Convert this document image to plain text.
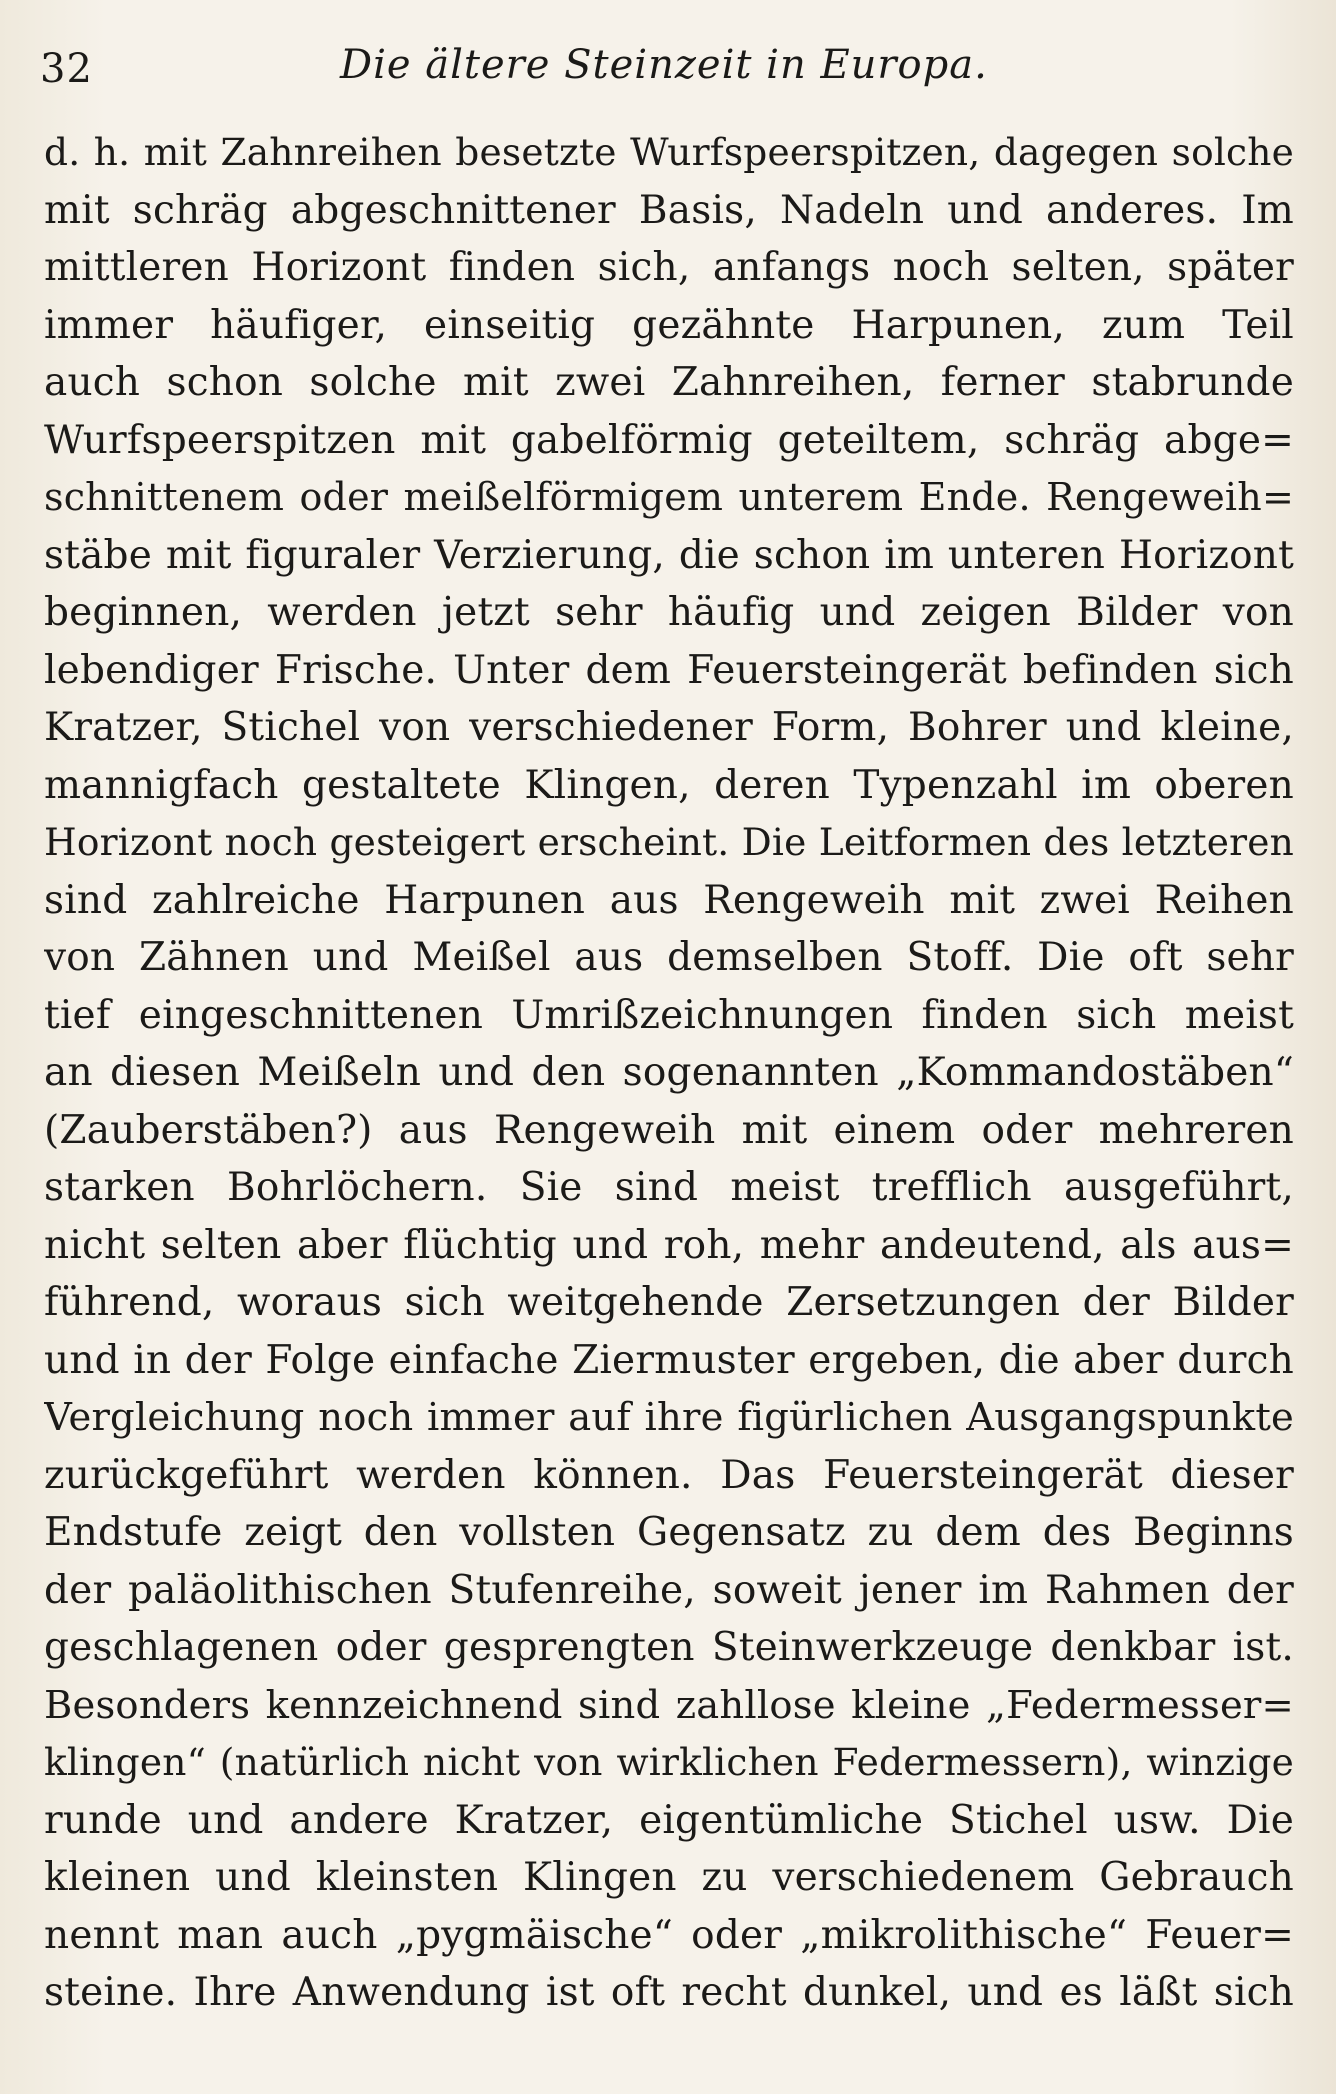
32	Die ältere Steinzeit in Europa.
d. h. mit Zahnreihen besetzte Wurfspeerspitzen, dagegen solche
mit schräg abgeschnittener Basis, Nadeln und anderes. Im
mittleren Horizont finden sich, anfangs noch selten, später
immer häufiger, einseitig gezähnte Harpunen, zum Teil
auch schon solche mit zwei Zahnreihen, ferner stabrunde
Wurfspeerspitzen mit gabelförmig geteiltem, schräg abge=
schnittenem oder meißelförmigem unterem Ende. Rengeweih=
stäbe mit figuraler Verzierung, die schon im unteren Horizont
beginnen, werden jetzt sehr häufig und zeigen Bilder von
lebendiger Frische. Unter dem Feuersteingerät befinden sich
Kratzer, Stichel von verschiedener Form, Bohrer und kleine,
mannigfach gestaltete Klingen, deren Typenzahl im oberen
Horizont noch gesteigert erscheint. Die Leitformen des letzteren
sind zahlreiche Harpunen aus Rengeweih mit zwei Reihen
von Zähnen und Meißel aus demselben Stoff. Die oft sehr
tief eingeschnittenen Umrißzeichnungen finden sich meist
an diesen Meißeln und den sogenannten „Kommandostäben“
(Zauberstäben?) aus Rengeweih mit einem oder mehreren
starken Bohrlöchern. Sie sind meist trefflich ausgeführt,
nicht selten aber flüchtig und roh, mehr andeutend, als aus=
führend, woraus sich weitgehende Zersetzungen der Bilder
und in der Folge einfache Ziermuster ergeben, die aber durch
Vergleichung noch immer auf ihre figürlichen Ausgangspunkte
zurückgeführt werden können. Das Feuersteingerät dieser
Endstufe zeigt den vollsten Gegensatz zu dem des Beginns
der paläolithischen Stufenreihe, soweit jener im Rahmen der
geschlagenen oder gesprengten Steinwerkzeuge denkbar ist.
Besonders kennzeichnend sind zahllose kleine „Federmesser=
klingen“ (natürlich nicht von wirklichen Federmessern), winzige
runde und andere Kratzer, eigentümliche Stichel usw. Die
kleinen und kleinsten Klingen zu verschiedenem Gebrauch
nennt man auch „pygmäische“ oder „mikrolithische“ Feuer=
steine. Ihre Anwendung ist oft recht dunkel, und es läßt sich
